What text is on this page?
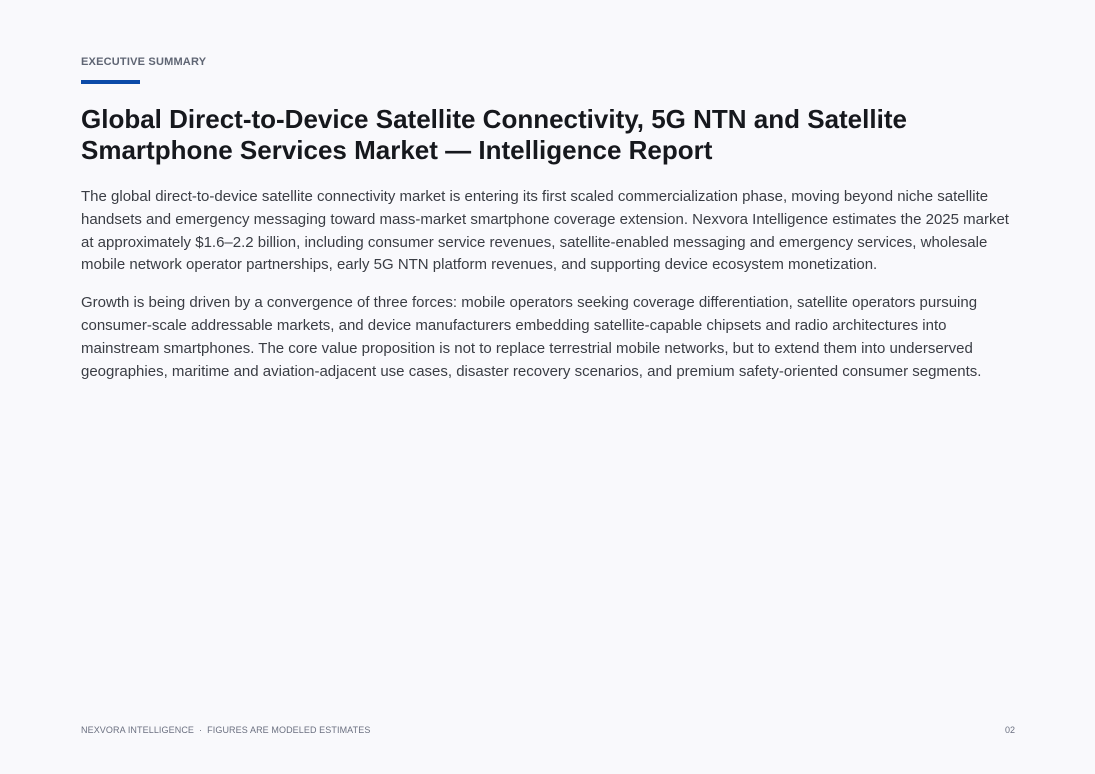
EXECUTIVE SUMMARY
Global Direct-to-Device Satellite Connectivity, 5G NTN and Satellite Smartphone Services Market — Intelligence Report

The global direct-to-device satellite connectivity market is entering its first scaled commercialization phase, moving beyond niche satellite handsets and emergency messaging toward mass-market smartphone coverage extension. Nexvora Intelligence estimates the 2025 market at approximately $1.6–2.2 billion, including consumer service revenues, satellite-enabled messaging and emergency services, wholesale mobile network operator partnerships, early 5G NTN platform revenues, and supporting device ecosystem monetization.

Growth is being driven by a convergence of three forces: mobile operators seeking coverage differentiation, satellite operators pursuing consumer-scale addressable markets, and device manufacturers embedding satellite-capable chipsets and radio architectures into mainstream smartphones. The core value proposition is not to replace terrestrial mobile networks, but to extend them into underserved geographies, maritime and aviation-adjacent use cases, disaster recovery scenarios, and premium safety-oriented consumer segments.

NEXVORA INTELLIGENCE · FIGURES ARE MODELED ESTIMATES	02
